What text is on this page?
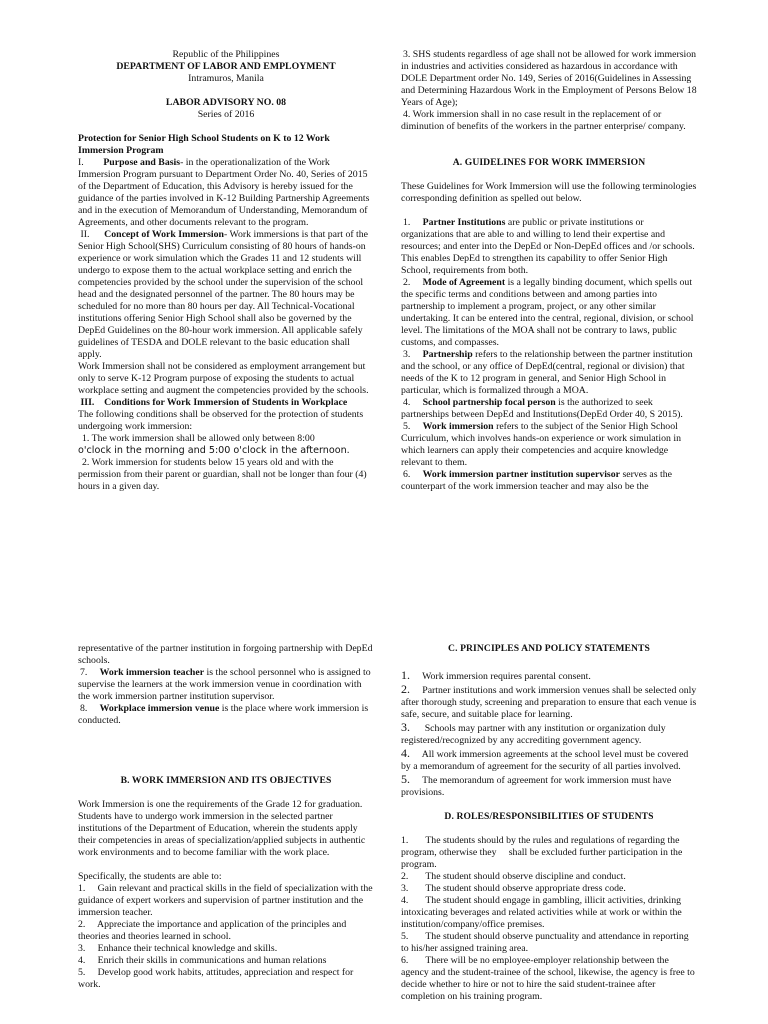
Republic of the Philippines

DEPARTMENT OF LABOR AND EMPLOYMENT

Intramuros, Manila

LABOR ADVISORY NO. 08

Series of 2016

Protection for Senior High School Students on K to 12 Work Immersion Program

I. Purpose and Basis- in the operationalization of the Work Immersion Program pursuant to Department Order No. 40, Series of 2015 of the Department of Education, this Advisory is hereby issued for the guidance of the parties involved in K-12 Building Partnership Agreements and in the execution of Memorandum of Understanding, Memorandum of Agreements, and other documents relevant to the program.

II. Concept of Work Immersion- Work immersions is that part of the Senior High School(SHS) Curriculum consisting of 80 hours of hands-on experience or work simulation which the Grades 11 and 12 students will undergo to expose them to the actual workplace setting and enrich the competencies provided by the school under the supervision of the school head and the designated personnel of the partner. The 80 hours may be scheduled for no more than 80 hours per day. All Technical-Vocational institutions offering Senior High School shall also be governed by the DepEd Guidelines on the 80-hour work immersion. All applicable safely guidelines of TESDA and DOLE relevant to the basic education shall apply.

Work Immersion shall not be considered as employment arrangement but only to serve K-12 Program purpose of exposing the students to actual workplace setting and augment the competencies provided by the schools.

III. Conditions for Work Immersion of Students in Workplace

The following conditions shall be observed for the protection of students undergoing work immersion:

1. The work immersion shall be allowed only between 8:00

o'clock in the morning and 5:00 o'clock in the afternoon.

2. Work immersion for students below 15 years old and with the permission from their parent or guardian, shall not be longer than four (4) hours in a given day.

3. SHS students regardless of age shall not be allowed for work immersion in industries and activities considered as hazardous in accordance with DOLE Department order No. 149, Series of 2016(Guidelines in Assessing and Determining Hazardous Work in the Employment of Persons Below 18 Years of Age);

4. Work immersion shall in no case result in the replacement of or diminution of benefits of the workers in the partner enterprise/ company.

A. GUIDELINES FOR WORK IMMERSION

These Guidelines for Work Immersion will use the following terminologies corresponding definition as spelled out below.

1.     Partner Institutions are public or private institutions or organizations that are able to and willing to lend their expertise and resources; and enter into the DepEd or Non-DepEd offices and /or schools. This enables DepEd to strengthen its capability to offer Senior High School, requirements from both.

2.     Mode of Agreement is a legally binding document, which spells out the specific terms and conditions between and among parties into partnership to implement a program, project, or any other similar undertaking. It can be entered into the central, regional, division, or school level. The limitations of the MOA shall not be contrary to laws, public customs, and compasses.

3.     Partnership refers to the relationship between the partner institution and the school, or any office of DepEd(central, regional or division) that needs of the K to 12 program in general, and Senior High School in particular, which is formalized through a MOA.

4.     School partnership focal person is the authorized to seek partnerships between DepEd and Institutions(DepEd Order 40, S 2015).

5.     Work immersion refers to the subject of the Senior High School Curriculum, which involves hands-on experience or work simulation in which learners can apply their competencies and acquire knowledge relevant to them.

6.     Work immersion partner institution supervisor serves as the counterpart of the work immersion teacher and may also be the

representative of the partner institution in forgoing partnership with DepEd schools.

7.     Work immersion teacher is the school personnel who is assigned to supervise the learners at the work immersion venue in coordination with the work immersion partner institution supervisor.

8.     Workplace immersion venue is the place where work immersion is conducted.

B. WORK IMMERSION AND ITS OBJECTIVES

Work Immersion is one the requirements of the Grade 12 for graduation. Students have to undergo work immersion in the selected partner institutions of the Department of Education, wherein the students apply their competencies in areas of specialization/applied subjects in authentic work environments and to become familiar with the work place.

Specifically, the students are able to:

1.     Gain relevant and practical skills in the field of specialization with the guidance of expert workers and supervision of partner institution and the immersion teacher.

2.     Appreciate the importance and application of the principles and theories and theories learned in school.

3.     Enhance their technical knowledge and skills.

4.     Enrich their skills in communications and human relations

5.     Develop good work habits, attitudes, appreciation and respect for work.

C. PRINCIPLES AND POLICY STATEMENTS

1.     Work immersion requires parental consent.

2.     Partner institutions and work immersion venues shall be selected only after thorough study, screening and preparation to ensure that each venue is safe, secure, and suitable place for learning.

3.      Schools may partner with any institution or organization duly registered/recognized by any accrediting government agency.

4.     All work immersion agreements at the school level must be covered by a memorandum of agreement for the security of all parties involved.

5.     The memorandum of agreement for work immersion must have provisions.

D. ROLES/RESPONSIBILITIES OF STUDENTS

1.       The students should by the rules and regulations of regarding the program, otherwise they     shall be excluded further participation in the program.

2.       The student should observe discipline and conduct.

3.       The student should observe appropriate dress code.

4.       The student should engage in gambling, illicit activities, drinking intoxicating beverages and related activities while at work or within the institution/company/office premises.

5.       The student should observe punctuality and attendance in reporting to his/her assigned training area.

6.       There will be no employee-employer relationship between the agency and the student-trainee of the school, likewise, the agency is free to decide whether to hire or not to hire the said student-trainee after completion on his training program.
